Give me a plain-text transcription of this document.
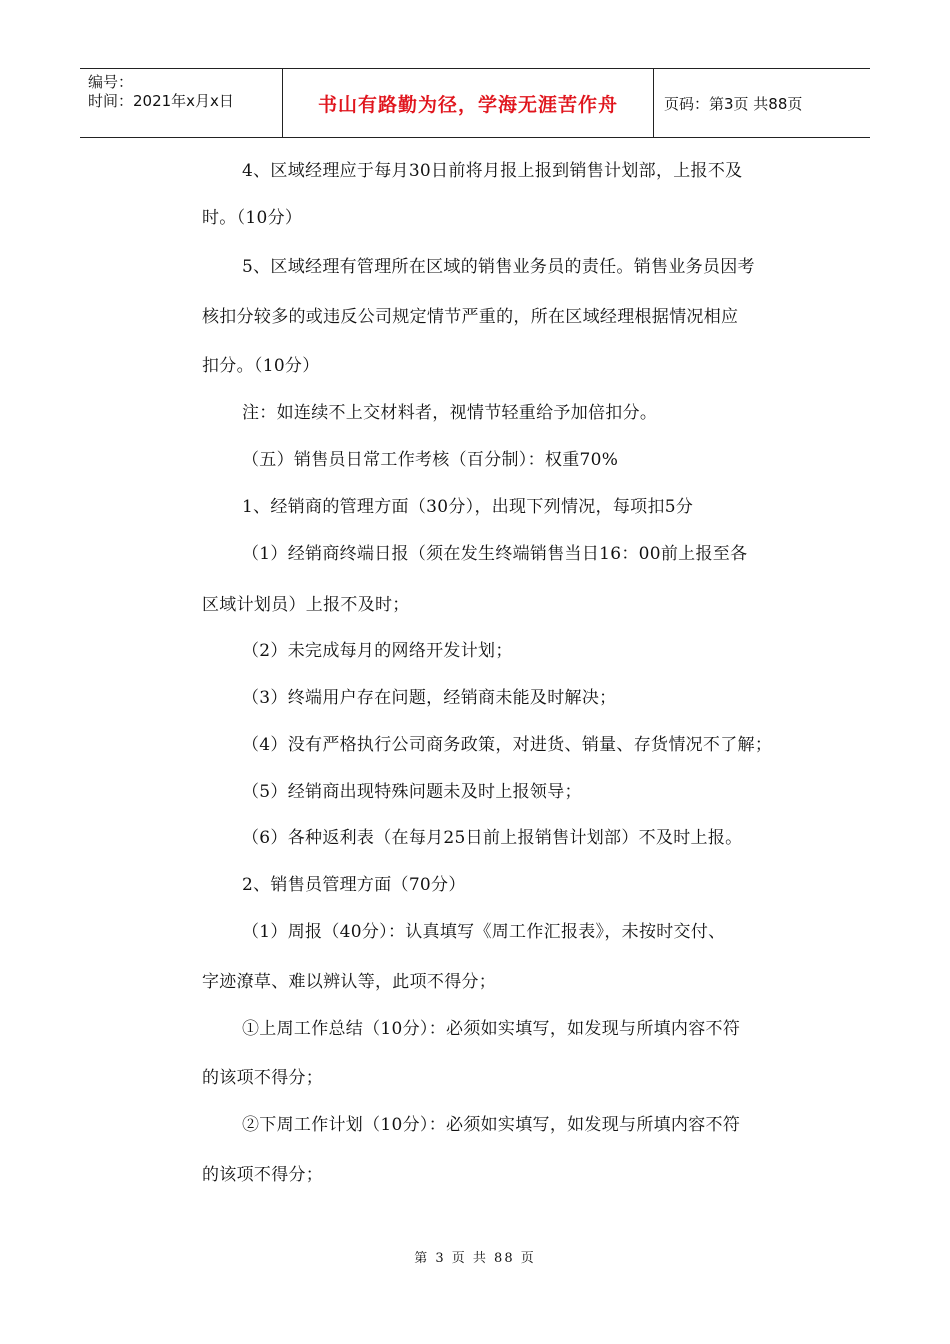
编号：
时间：2021年x月x日	书山有路勤为径，学海无涯苦作舟	页码：第3页 共88页
4、区域经理应于每月30日前将月报上报到销售计划部，上报不及
时。（10分）
5、区域经理有管理所在区域的销售业务员的责任。销售业务员因考
核扣分较多的或违反公司规定情节严重的，所在区域经理根据情况相应
扣分。（10分）
注：如连续不上交材料者，视情节轻重给予加倍扣分。
（五）销售员日常工作考核（百分制）：权重70%
1、经销商的管理方面（30分），出现下列情况，每项扣5分
（1）经销商终端日报（须在发生终端销售当日16：00前上报至各
区域计划员）上报不及时；
（2）未完成每月的网络开发计划；
（3）终端用户存在问题，经销商未能及时解决；
（4）没有严格执行公司商务政策，对进货、销量、存货情况不了解；
（5）经销商出现特殊问题未及时上报领导；
（6）各种返利表（在每月25日前上报销售计划部）不及时上报。
2、销售员管理方面（70分）
（1）周报（40分）：认真填写《周工作汇报表》，未按时交付、
字迹潦草、难以辨认等，此项不得分；
①上周工作总结（10分）：必须如实填写，如发现与所填内容不符
的该项不得分；
②下周工作计划（10分）：必须如实填写，如发现与所填内容不符
的该项不得分；
第 3 页 共 88 页
